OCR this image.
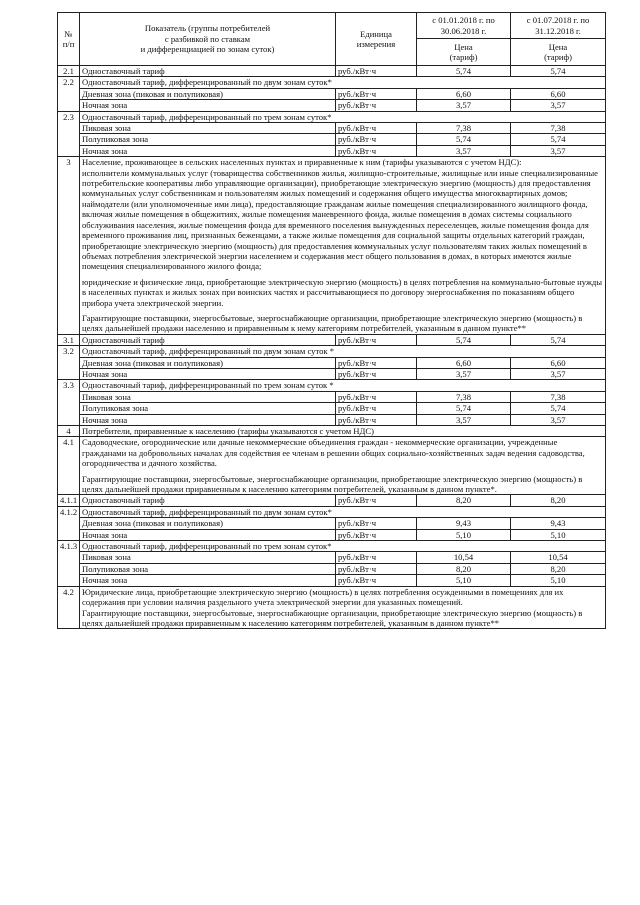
№
п/п	Показатель (группы потребителей
с разбивкой по ставкам
и дифференциацией по зонам суток)	Единица
измерения	с 01.01.2018 г. по
30.06.2018 г.	с 01.07.2018 г. по
31.12.2018 г.
			Цена
(тариф)	Цена
(тариф)
2.1	Одноставочный тариф	руб./кВт·ч	5,74	5,74
2.2	Одноставочный тариф, дифференцированный по двум зонам суток*			
	Дневная зона (пиковая и полупиковая)	руб./кВт·ч	6,60	6,60
	Ночная зона	руб./кВт·ч	3,57	3,57
2.3	Одноставочный тариф, дифференцированный по трем зонам суток*			
	Пиковая зона	руб./кВт·ч	7,38	7,38
	Полупиковая зона	руб./кВт·ч	5,74	5,74
	Ночная зона	руб./кВт·ч	3,57	3,57
3	Население, проживающее в сельских населенных пунктах и приравненные к ним (тарифы указываются с учетом НДС):

исполнители коммунальных услуг (товарищества собственников жилья, жилищно-строительные, жилищные или иные специализированные потребительские кооперативы либо управляющие организации), приобретающие электрическую энергию (мощность) для предоставления коммунальных услуг собственникам и пользователям жилых помещений и содержания общего имущества многоквартирных домов; наймодатели (или уполномоченные ими лица), предоставляющие гражданам жилые помещения специализированного жилищного фонда, включая жилые помещения в общежитиях, жилые помещения маневренного фонда, жилые помещения в домах системы социального обслуживания населения, жилые помещения фонда для временного поселения вынужденных переселенцев, жилые помещения фонда для временного проживания лиц, признанных беженцами, а также жилые помещения для социальной защиты отдельных категорий граждан, приобретающие электрическую энергию (мощность) для предоставления коммунальных услуг пользователям таких жилых помещений в объемах потребления электрической энергии населением и содержания мест общего пользования в домах, в которых имеются жилые помещения специализированного жилого фонда;

юридические и физические лица, приобретающие электрическую энергию (мощность) в целях потребления на коммунально-бытовые нужды в населенных пунктах и жилых зонах при воинских частях и рассчитывающиеся по договору энергоснабжения по показаниям общего прибора учета электрической энергии.

Гарантирующие поставщики, энергосбытовые, энергоснабжающие организации, приобретающие электрическую энергию (мощность) в целях дальнейшей продажи населению и приравненным к нему категориям потребителей, указанным в данном пункте**			

3.1	Одноставочный тариф	руб./кВт·ч	5,74	5,74
3.2	Одноставочный тариф, дифференцированный по двум зонам суток *			
	Дневная зона (пиковая и полупиковая)	руб./кВт·ч	6,60	6,60
	Ночная зона	руб./кВт·ч	3,57	3,57
3.3	Одноставочный тариф, дифференцированный по трем зонам суток *			
	Пиковая зона	руб./кВт·ч	7,38	7,38
	Полупиковая зона	руб./кВт·ч	5,74	5,74
	Ночная зона	руб./кВт·ч	3,57	3,57
4	Потребители, приравненные к населению (тарифы указываются с учетом НДС)			
4.1	Садоводческие, огороднические или дачные некоммерческие объединения граждан - некоммерческие организации, учрежденные гражданами на добровольных началах для содействия ее членам в решении общих социально-хозяйственных задач ведения садоводства, огородничества и дачного хозяйства.

Гарантирующие поставщики, энергосбытовые, энергоснабжающие организации, приобретающие электрическую энергию (мощность) в целях дальнейшей продажи приравненным к населению категориям потребителей, указанным в данном пункте*.			

4.1.1	Одноставочный тариф	руб./кВт·ч	8,20	8,20
4.1.2	Одноставочный тариф, дифференцированный по двум зонам суток*			
	Дневная зона (пиковая и полупиковая)	руб./кВт·ч	9,43	9,43
	Ночная зона	руб./кВт·ч	5,10	5,10
4.1.3	Одноставочный тариф, дифференцированный по трем зонам суток*			
	Пиковая зона	руб./кВт·ч	10,54	10,54
	Полупиковая зона	руб./кВт·ч	8,20	8,20
	Ночная зона	руб./кВт·ч	5,10	5,10
4.2	Юридические лица, приобретающие электрическую энергию (мощность) в целях потребления осужденными в помещениях для их содержания при условии наличия раздельного учета электрической энергии для указанных помещений.

Гарантирующие поставщики, энергосбытовые, энергоснабжающие организации, приобретающие электрическую энергию (мощность) в целях дальнейшей продажи приравненным к населению категориям потребителей, указанным в данном пункте**			
